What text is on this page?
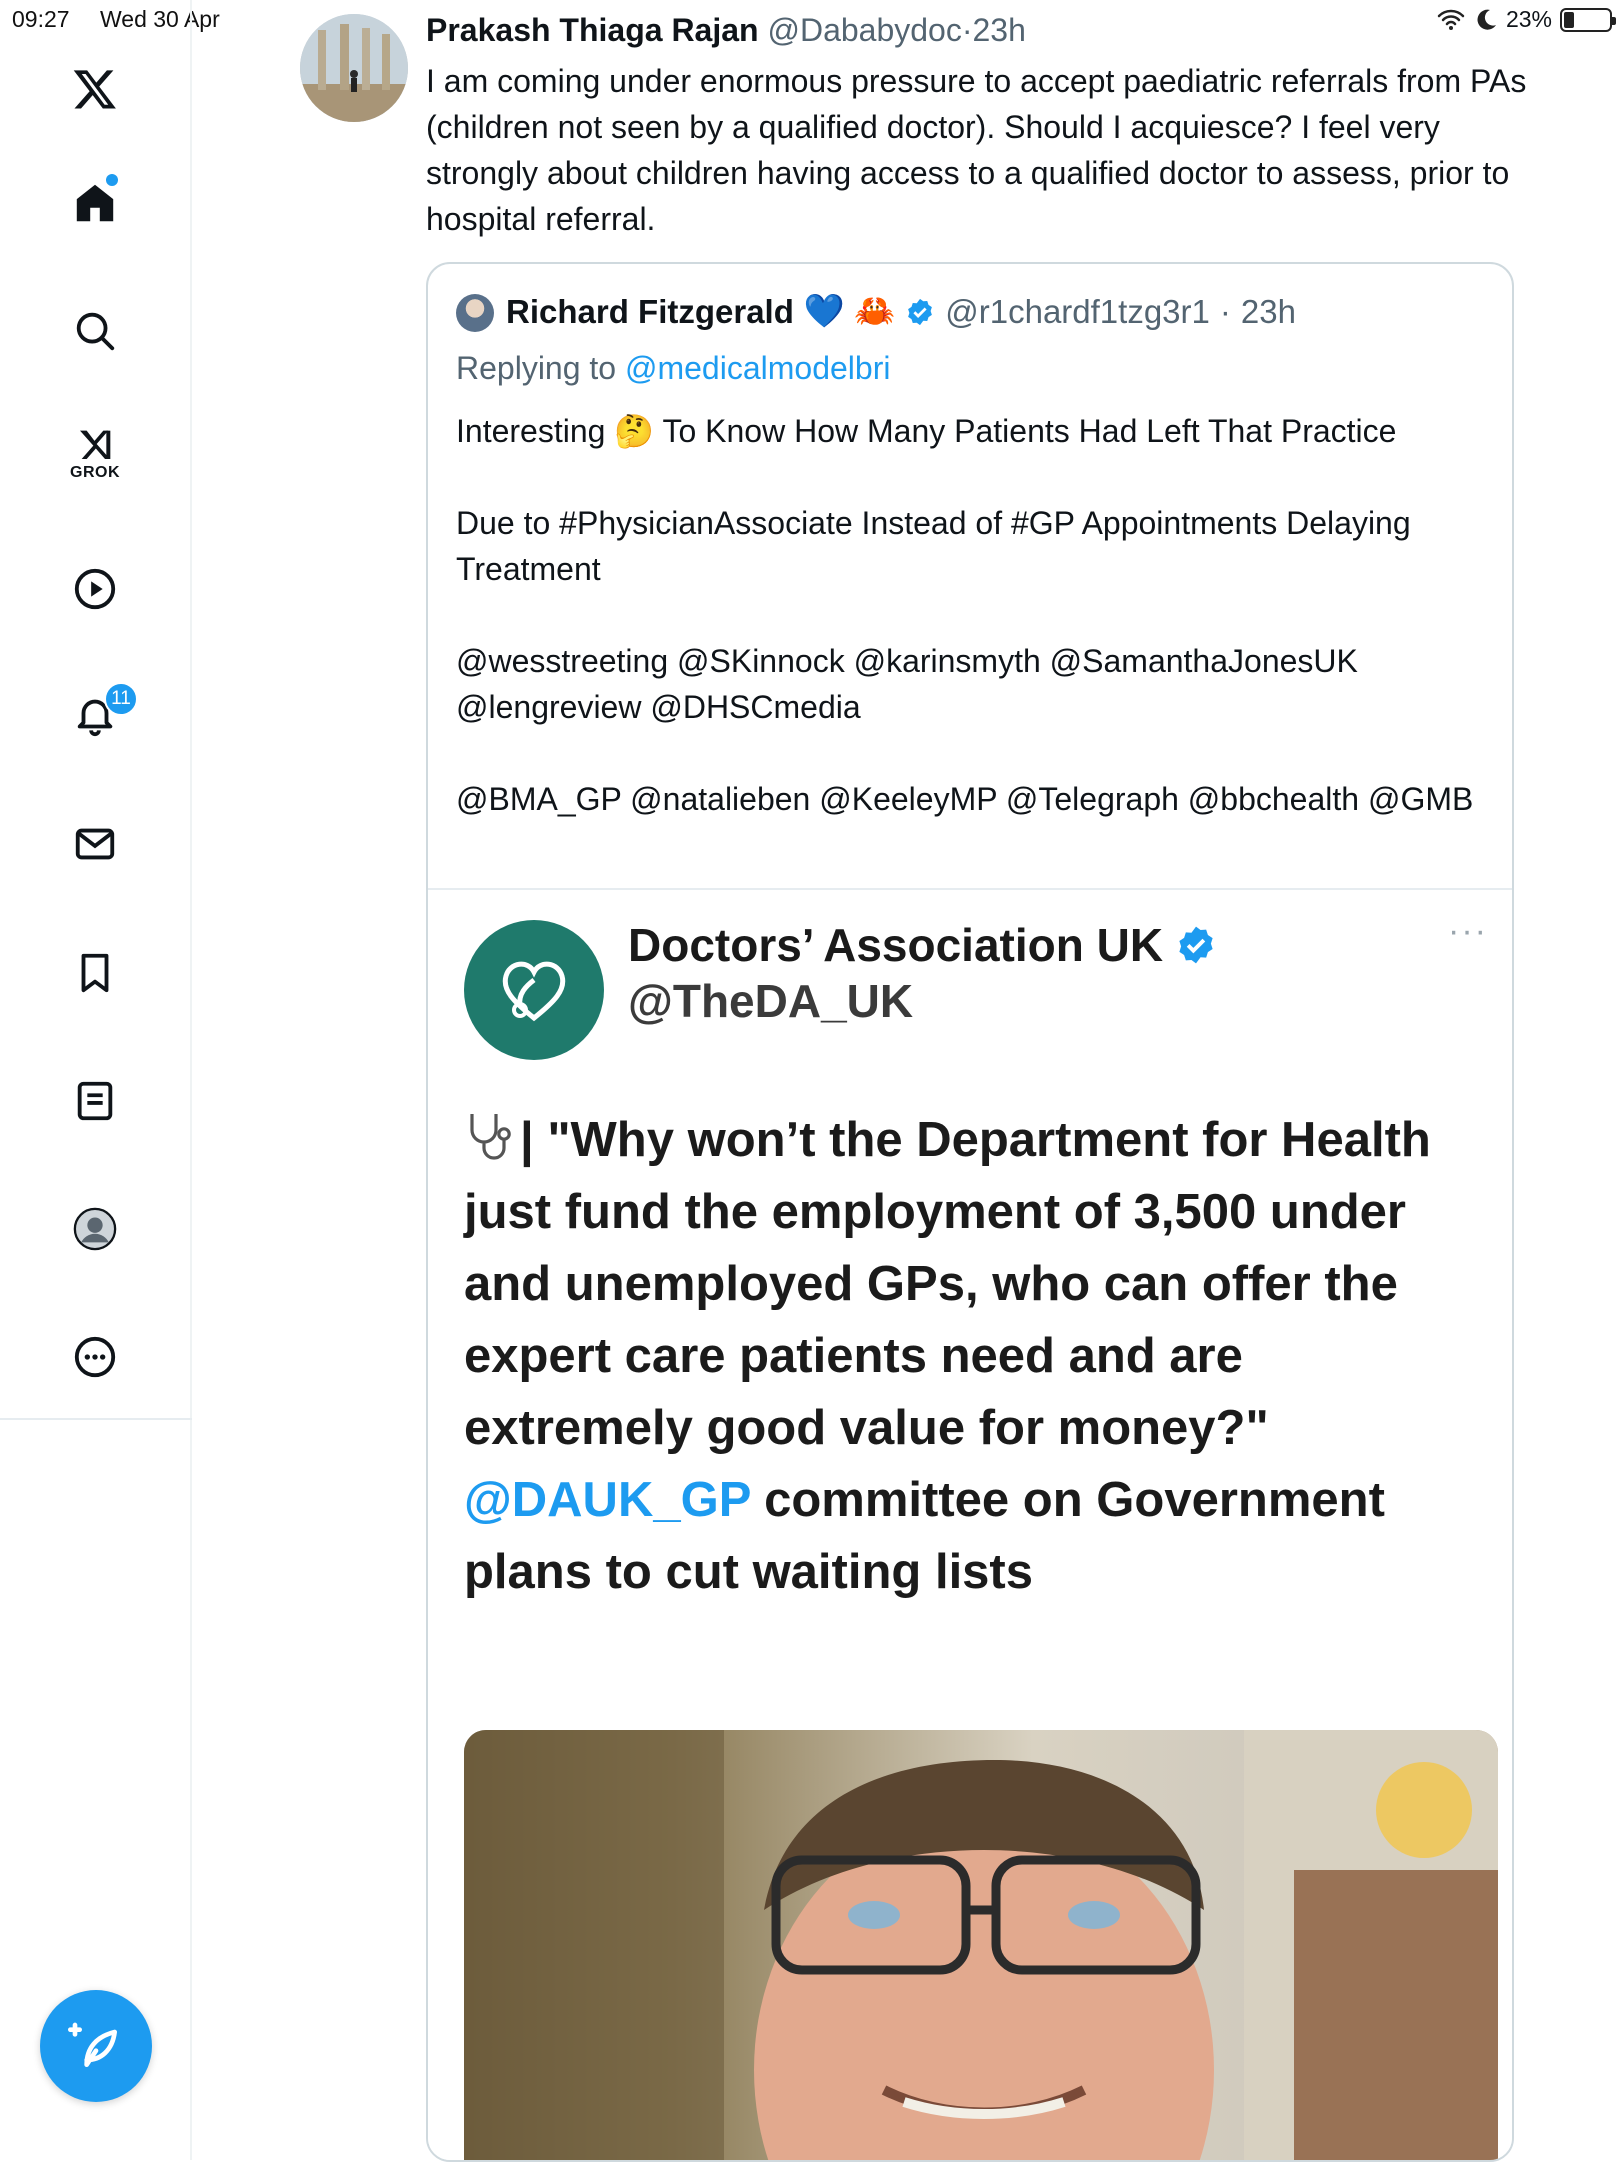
09:27 Wed 30 Apr	23%
GROK
11
Prakash Thiaga Rajan @Dababydoc·23h
I am coming under enormous pressure to accept paediatric referrals from PAs (children not seen by a qualified doctor). Should I acquiesce? I feel very strongly about children having access to a qualified doctor to assess, prior to hospital referral.
Richard Fitzgerald 💙 🦀 @r1chardf1tzg3r1 · 23h
Replying to @medicalmodelbri

Interesting 🤔 To Know How Many Patients Had Left That Practice

Due to #PhysicianAssociate Instead of #GP Appointments Delaying Treatment

@wesstreeting @SKinnock @karinsmyth @SamanthaJonesUK @lengreview @DHSCmedia

@BMA_GP @natalieben @KeeleyMP @Telegraph @bbchealth @GMB

Doctors’ Association UK
@TheDA_UK
···
| "Why won’t the Department for Health just fund the employment of 3,500 under and unemployed GPs, who can offer the expert care patients need and are extremely good value for money?"
@DAUK_GP committee on Government plans to cut waiting lists
